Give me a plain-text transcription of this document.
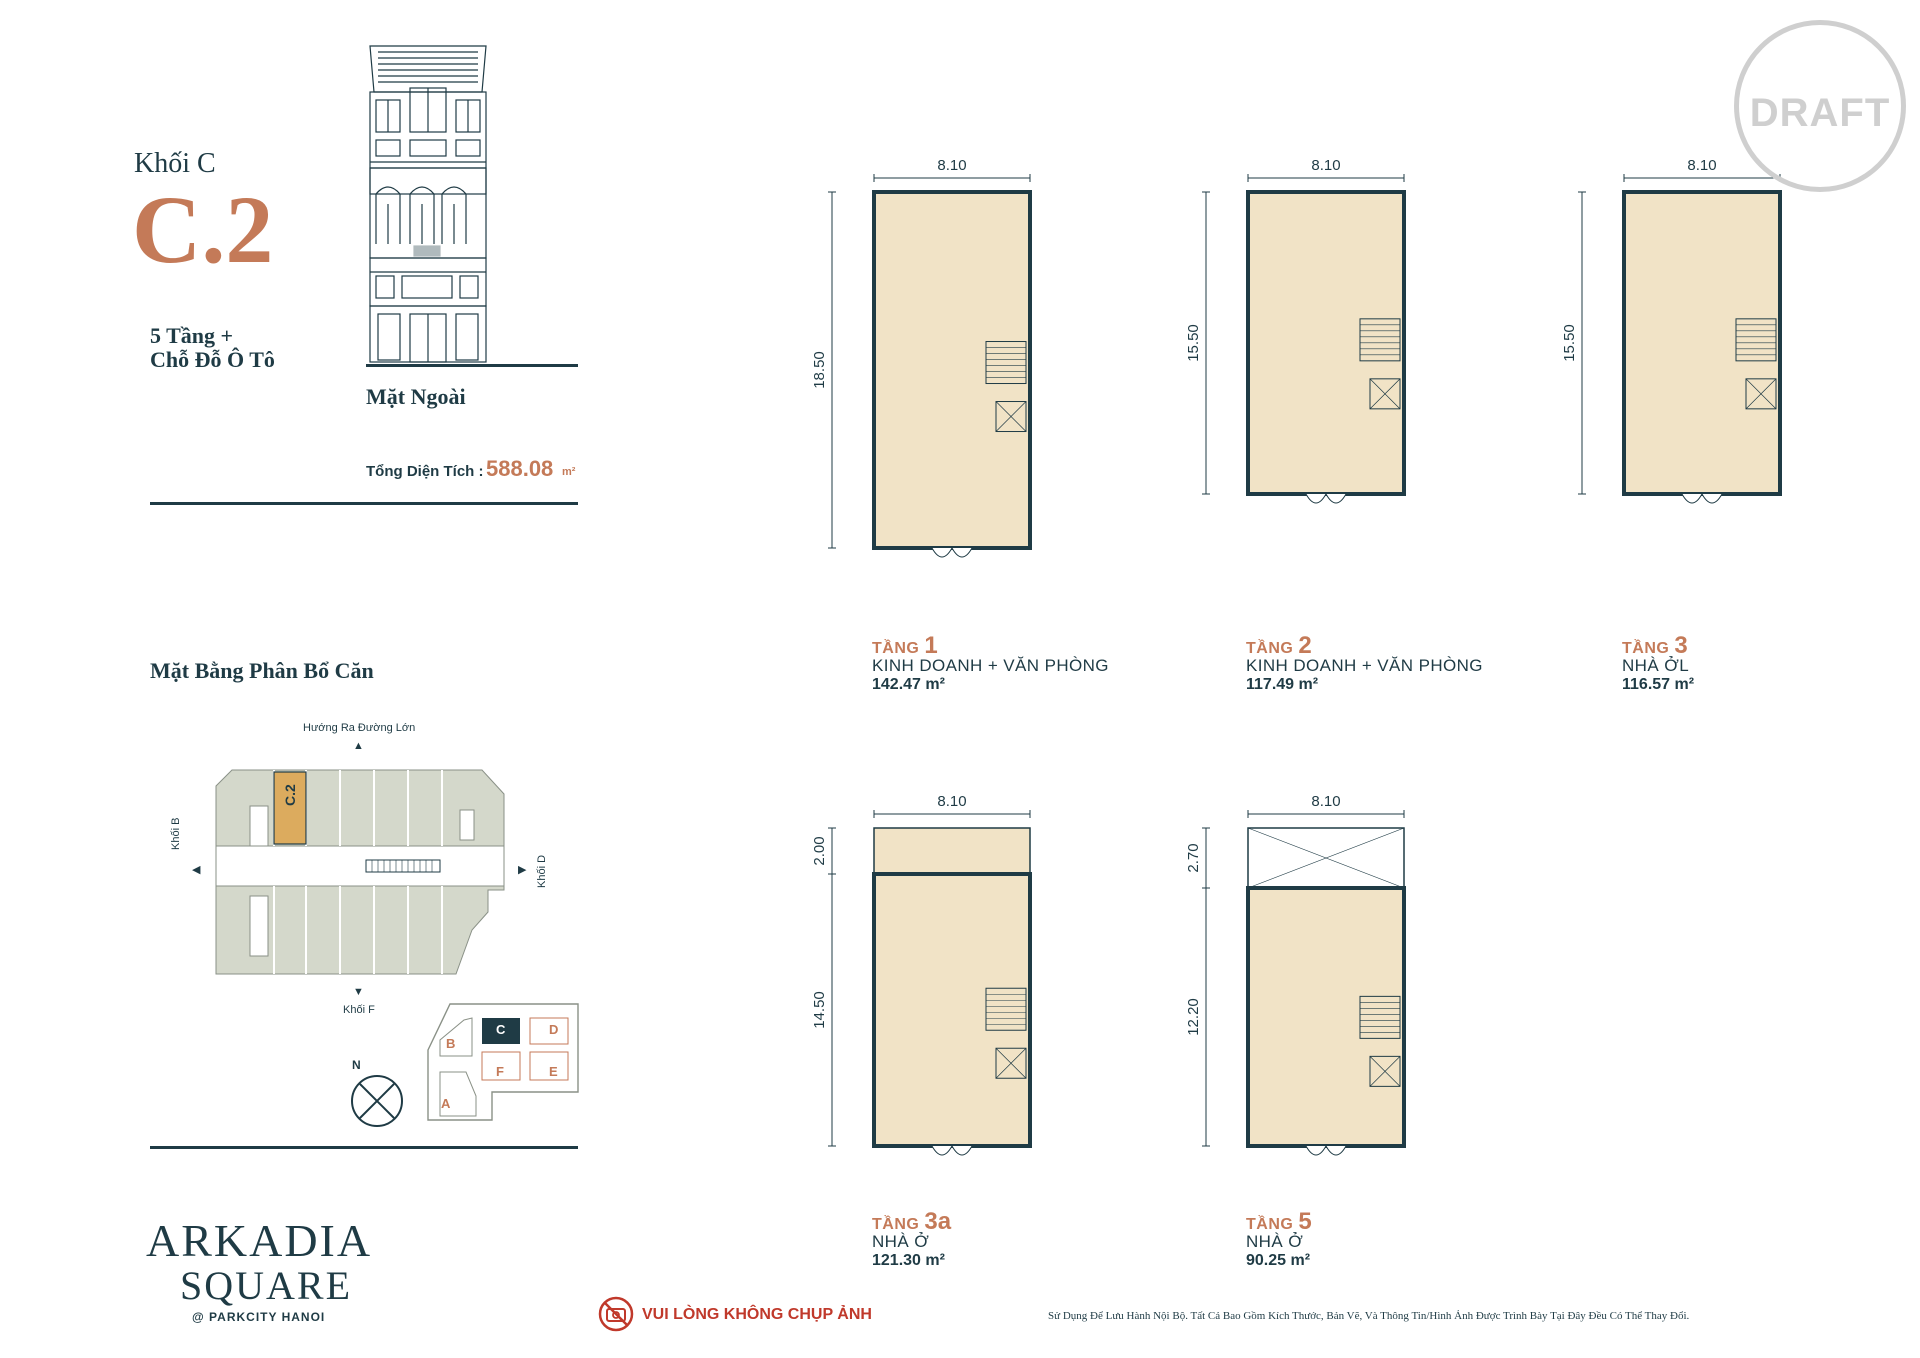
Khối C
C.2
5 Tầng +
Chỗ Đỗ Ô Tô
Mặt Ngoài
Tổng Diện Tích : 588.08 m²
Mặt Bằng Phân Bổ Căn
Hướng Ra Đường Lớn
▲
Khối B
◀	Khối D
▶
▼
Khối F
C.2
B
C	D
F	E
A
N
8.10
18.50
8.10
15.50
8.10
15.50
8.10
2.00
14.50
8.10
2.70
12.20
TẦNG 1
KINH DOANH + VĂN PHÒNG
142.47 m²
TẦNG 2
KINH DOANH + VĂN PHÒNG
117.49 m²
TẦNG 3
NHÀ ỞL
116.57 m²
TẦNG 3a
NHÀ Ở
121.30 m²
TẦNG 5
NHÀ Ở
90.25 m²
DRAFT
ARKADIA
SQUARE
@ PARKCITY HANOI	VUI LÒNG KHÔNG CHỤP ẢNH	Sử Dụng Để Lưu Hành Nội Bộ. Tất Cả Bao Gồm Kích Thước, Bản Vẽ, Và Thông Tin/Hình Ảnh Được Trình Bày Tại Đây Đều Có Thể Thay Đổi.
